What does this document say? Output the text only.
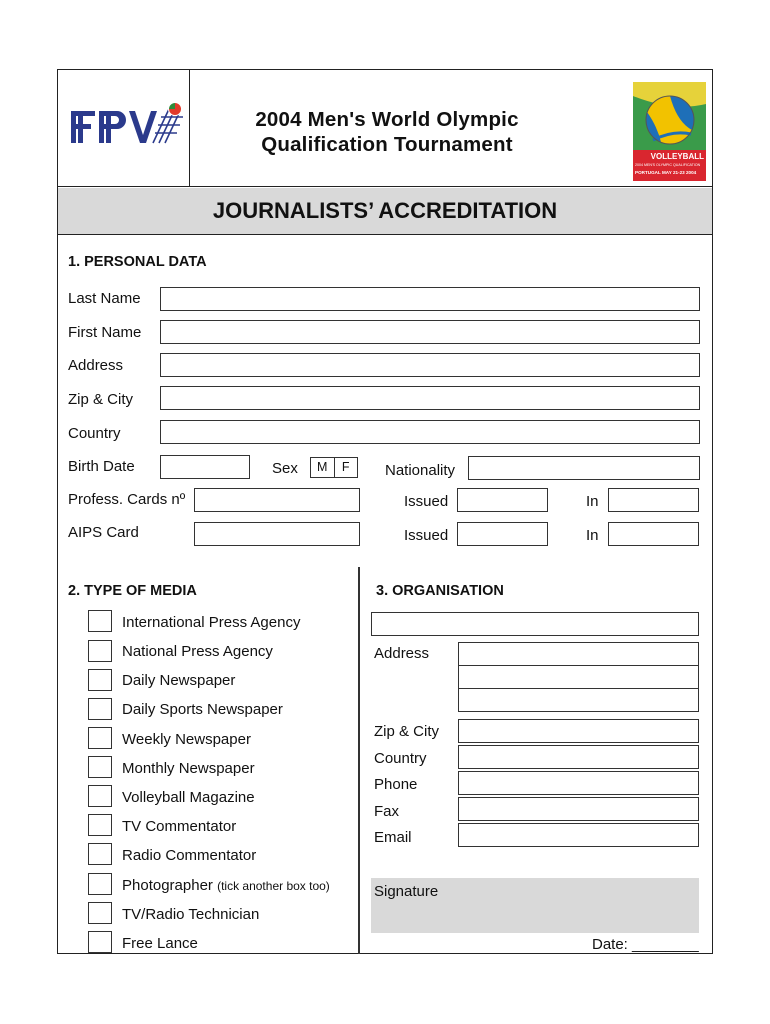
2004 Men's World Olympic
Qualification Tournament
VOLLEYBALL
2004 MEN'S OLYMPIC QUALIFICATION
PORTUGAL MAY 21-23 2004
JOURNALISTS’ ACCREDITATION
1. PERSONAL DATA
Last Name
First Name
Address
Zip & City
Country
Birth Date	Sex	M	F	Nationality
Profess. Cards nº	Issued	In
AIPS Card	Issued	In
2. TYPE OF MEDIA
International Press Agency
National Press Agency
Daily Newspaper
Daily Sports Newspaper
Weekly Newspaper
Monthly Newspaper
Volleyball Magazine
TV Commentator
Radio Commentator
Photographer (tick another box too)
TV/Radio Technician
Free Lance
3. ORGANISATION
Address
Zip & City
Country
Phone
Fax
Email
Signature
Date: ________
